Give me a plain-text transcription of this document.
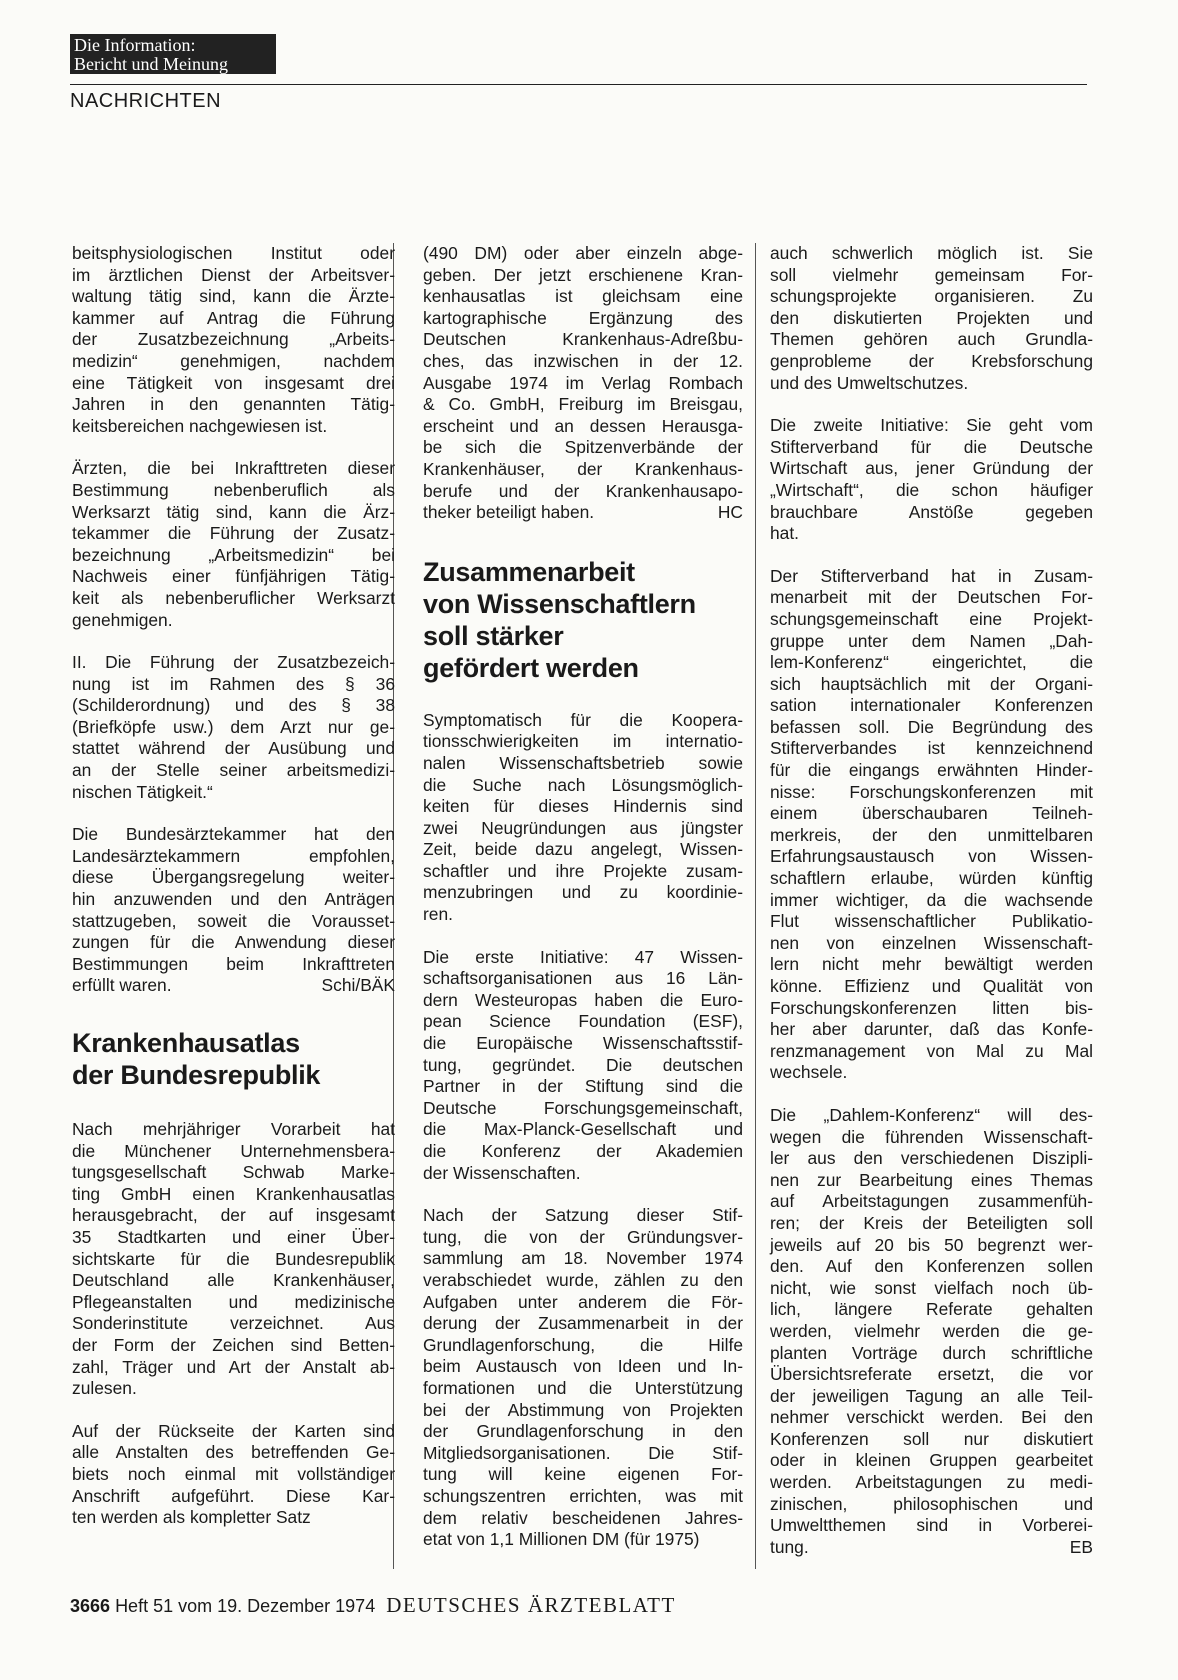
Die Information:
Bericht und Meinung
NACHRICHTEN
beitsphysiologischen Institut oder
im ärztlichen Dienst der Arbeitsver-
waltung tätig sind, kann die Ärzte-
kammer auf Antrag die Führung
der Zusatzbezeichnung „Arbeits-
medizin“ genehmigen, nachdem
eine Tätigkeit von insgesamt drei
Jahren in den genannten Tätig-
keitsbereichen nachgewiesen ist.
Ärzten, die bei Inkrafttreten dieser
Bestimmung nebenberuflich als
Werksarzt tätig sind, kann die Ärz-
tekammer die Führung der Zusatz-
bezeichnung „Arbeitsmedizin“ bei
Nachweis einer fünfjährigen Tätig-
keit als nebenberuflicher Werksarzt
genehmigen.
II. Die Führung der Zusatzbezeich-
nung ist im Rahmen des § 36
(Schilderordnung) und des § 38
(Briefköpfe usw.) dem Arzt nur ge-
stattet während der Ausübung und
an der Stelle seiner arbeitsmedizi-
nischen Tätigkeit.“
Die Bundesärztekammer hat den
Landesärztekammern empfohlen,
diese Übergangsregelung weiter-
hin anzuwenden und den Anträgen
stattzugeben, soweit die Vorausset-
zungen für die Anwendung dieser
Bestimmungen beim Inkrafttreten
erfüllt waren.	Schi/BÄK
Krankenhausatlas
der Bundesrepublik
Nach mehrjähriger Vorarbeit hat
die Münchener Unternehmensbera-
tungsgesellschaft Schwab Marke-
ting GmbH einen Krankenhausatlas
herausgebracht, der auf insgesamt
35 Stadtkarten und einer Über-
sichtskarte für die Bundesrepublik
Deutschland alle Krankenhäuser,
Pflegeanstalten und medizinische
Sonderinstitute verzeichnet. Aus
der Form der Zeichen sind Betten-
zahl, Träger und Art der Anstalt ab-
zulesen.
Auf der Rückseite der Karten sind
alle Anstalten des betreffenden Ge-
biets noch einmal mit vollständiger
Anschrift aufgeführt. Diese Kar-
ten werden als kompletter Satz
(490 DM) oder aber einzeln abge-
geben. Der jetzt erschienene Kran-
kenhausatlas ist gleichsam eine
kartographische Ergänzung des
Deutschen Krankenhaus-Adreßbu-
ches, das inzwischen in der 12.
Ausgabe 1974 im Verlag Rombach
& Co. GmbH, Freiburg im Breisgau,
erscheint und an dessen Herausga-
be sich die Spitzenverbände der
Krankenhäuser, der Krankenhaus-
berufe und der Krankenhausapo-
theker beteiligt haben.	HC
Zusammenarbeit
von Wissenschaftlern
soll stärker
gefördert werden
Symptomatisch für die Kooperа-
tionsschwierigkeiten im internatio-
nalen Wissenschaftsbetrieb sowie
die Suche nach Lösungsmöglich-
keiten für dieses Hindernis sind
zwei Neugründungen aus jüngster
Zeit, beide dazu angelegt, Wissen-
schaftler und ihre Projekte zusam-
menzubringen und zu koordinie-
ren.
Die erste Initiative: 47 Wissen-
schaftsorganisationen aus 16 Län-
dern Westeuropas haben die Euro-
pean Science Foundation (ESF),
die Europäische Wissenschaftsstif-
tung, gegründet. Die deutschen
Partner in der Stiftung sind die
Deutsche Forschungsgemeinschaft,
die Max-Planck-Gesellschaft und
die Konferenz der Akademien
der Wissenschaften.
Nach der Satzung dieser Stif-
tung, die von der Gründungsver-
sammlung am 18. November 1974
verabschiedet wurde, zählen zu den
Aufgaben unter anderem die För-
derung der Zusammenarbeit in der
Grundlagenforschung, die Hilfe
beim Austausch von Ideen und In-
formationen und die Unterstützung
bei der Abstimmung von Projekten
der Grundlagenforschung in den
Mitgliedsorganisationen. Die Stif-
tung will keine eigenen For-
schungszentren errichten, was mit
dem relativ bescheidenen Jahres-
etat von 1,1 Millionen DM (für 1975)
auch schwerlich möglich ist. Sie
soll vielmehr gemeinsam For-
schungsprojekte organisieren. Zu
den diskutierten Projekten und
Themen gehören auch Grundla-
genprobleme der Krebsforschung
und des Umweltschutzes.
Die zweite Initiative: Sie geht vom
Stifterverband für die Deutsche
Wirtschaft aus, jener Gründung der
„Wirtschaft“, die schon häufiger
brauchbare Anstöße gegeben
hat.
Der Stifterverband hat in Zusam-
menarbeit mit der Deutschen For-
schungsgemeinschaft eine Projekt-
gruppe unter dem Namen „Dah-
lem-Konferenz“ eingerichtet, die
sich hauptsächlich mit der Organi-
sation internationaler Konferenzen
befassen soll. Die Begründung des
Stifterverbandes ist kennzeichnend
für die eingangs erwähnten Hinder-
nisse: Forschungskonferenzen mit
einem überschaubaren Teilneh-
merkreis, der den unmittelbaren
Erfahrungsaustausch von Wissen-
schaftlern erlaube, würden künftig
immer wichtiger, da die wachsende
Flut wissenschaftlicher Publikatio-
nen von einzelnen Wissenschaft-
lern nicht mehr bewältigt werden
könne. Effizienz und Qualität von
Forschungskonferenzen litten bis-
her aber darunter, daß das Konfe-
renzmanagement von Mal zu Mal
wechsele.
Die „Dahlem-Konferenz“ will des-
wegen die führenden Wissenschaft-
ler aus den verschiedenen Diszipli-
nen zur Bearbeitung eines Themas
auf Arbeitstagungen zusammenfüh-
ren; der Kreis der Beteiligten soll
jeweils auf 20 bis 50 begrenzt wer-
den. Auf den Konferenzen sollen
nicht, wie sonst vielfach noch üb-
lich, längere Referate gehalten
werden, vielmehr werden die ge-
planten Vorträge durch schriftliche
Übersichtsreferate ersetzt, die vor
der jeweiligen Tagung an alle Teil-
nehmer verschickt werden. Bei den
Konferenzen soll nur diskutiert
oder in kleinen Gruppen gearbeitet
werden. Arbeitstagungen zu medi-
zinischen, philosophischen und
Umweltthemen sind in Vorberei-
tung.	EB
3666 Heft 51 vom 19. Dezember 1974 DEUTSCHES ÄRZTEBLATT
